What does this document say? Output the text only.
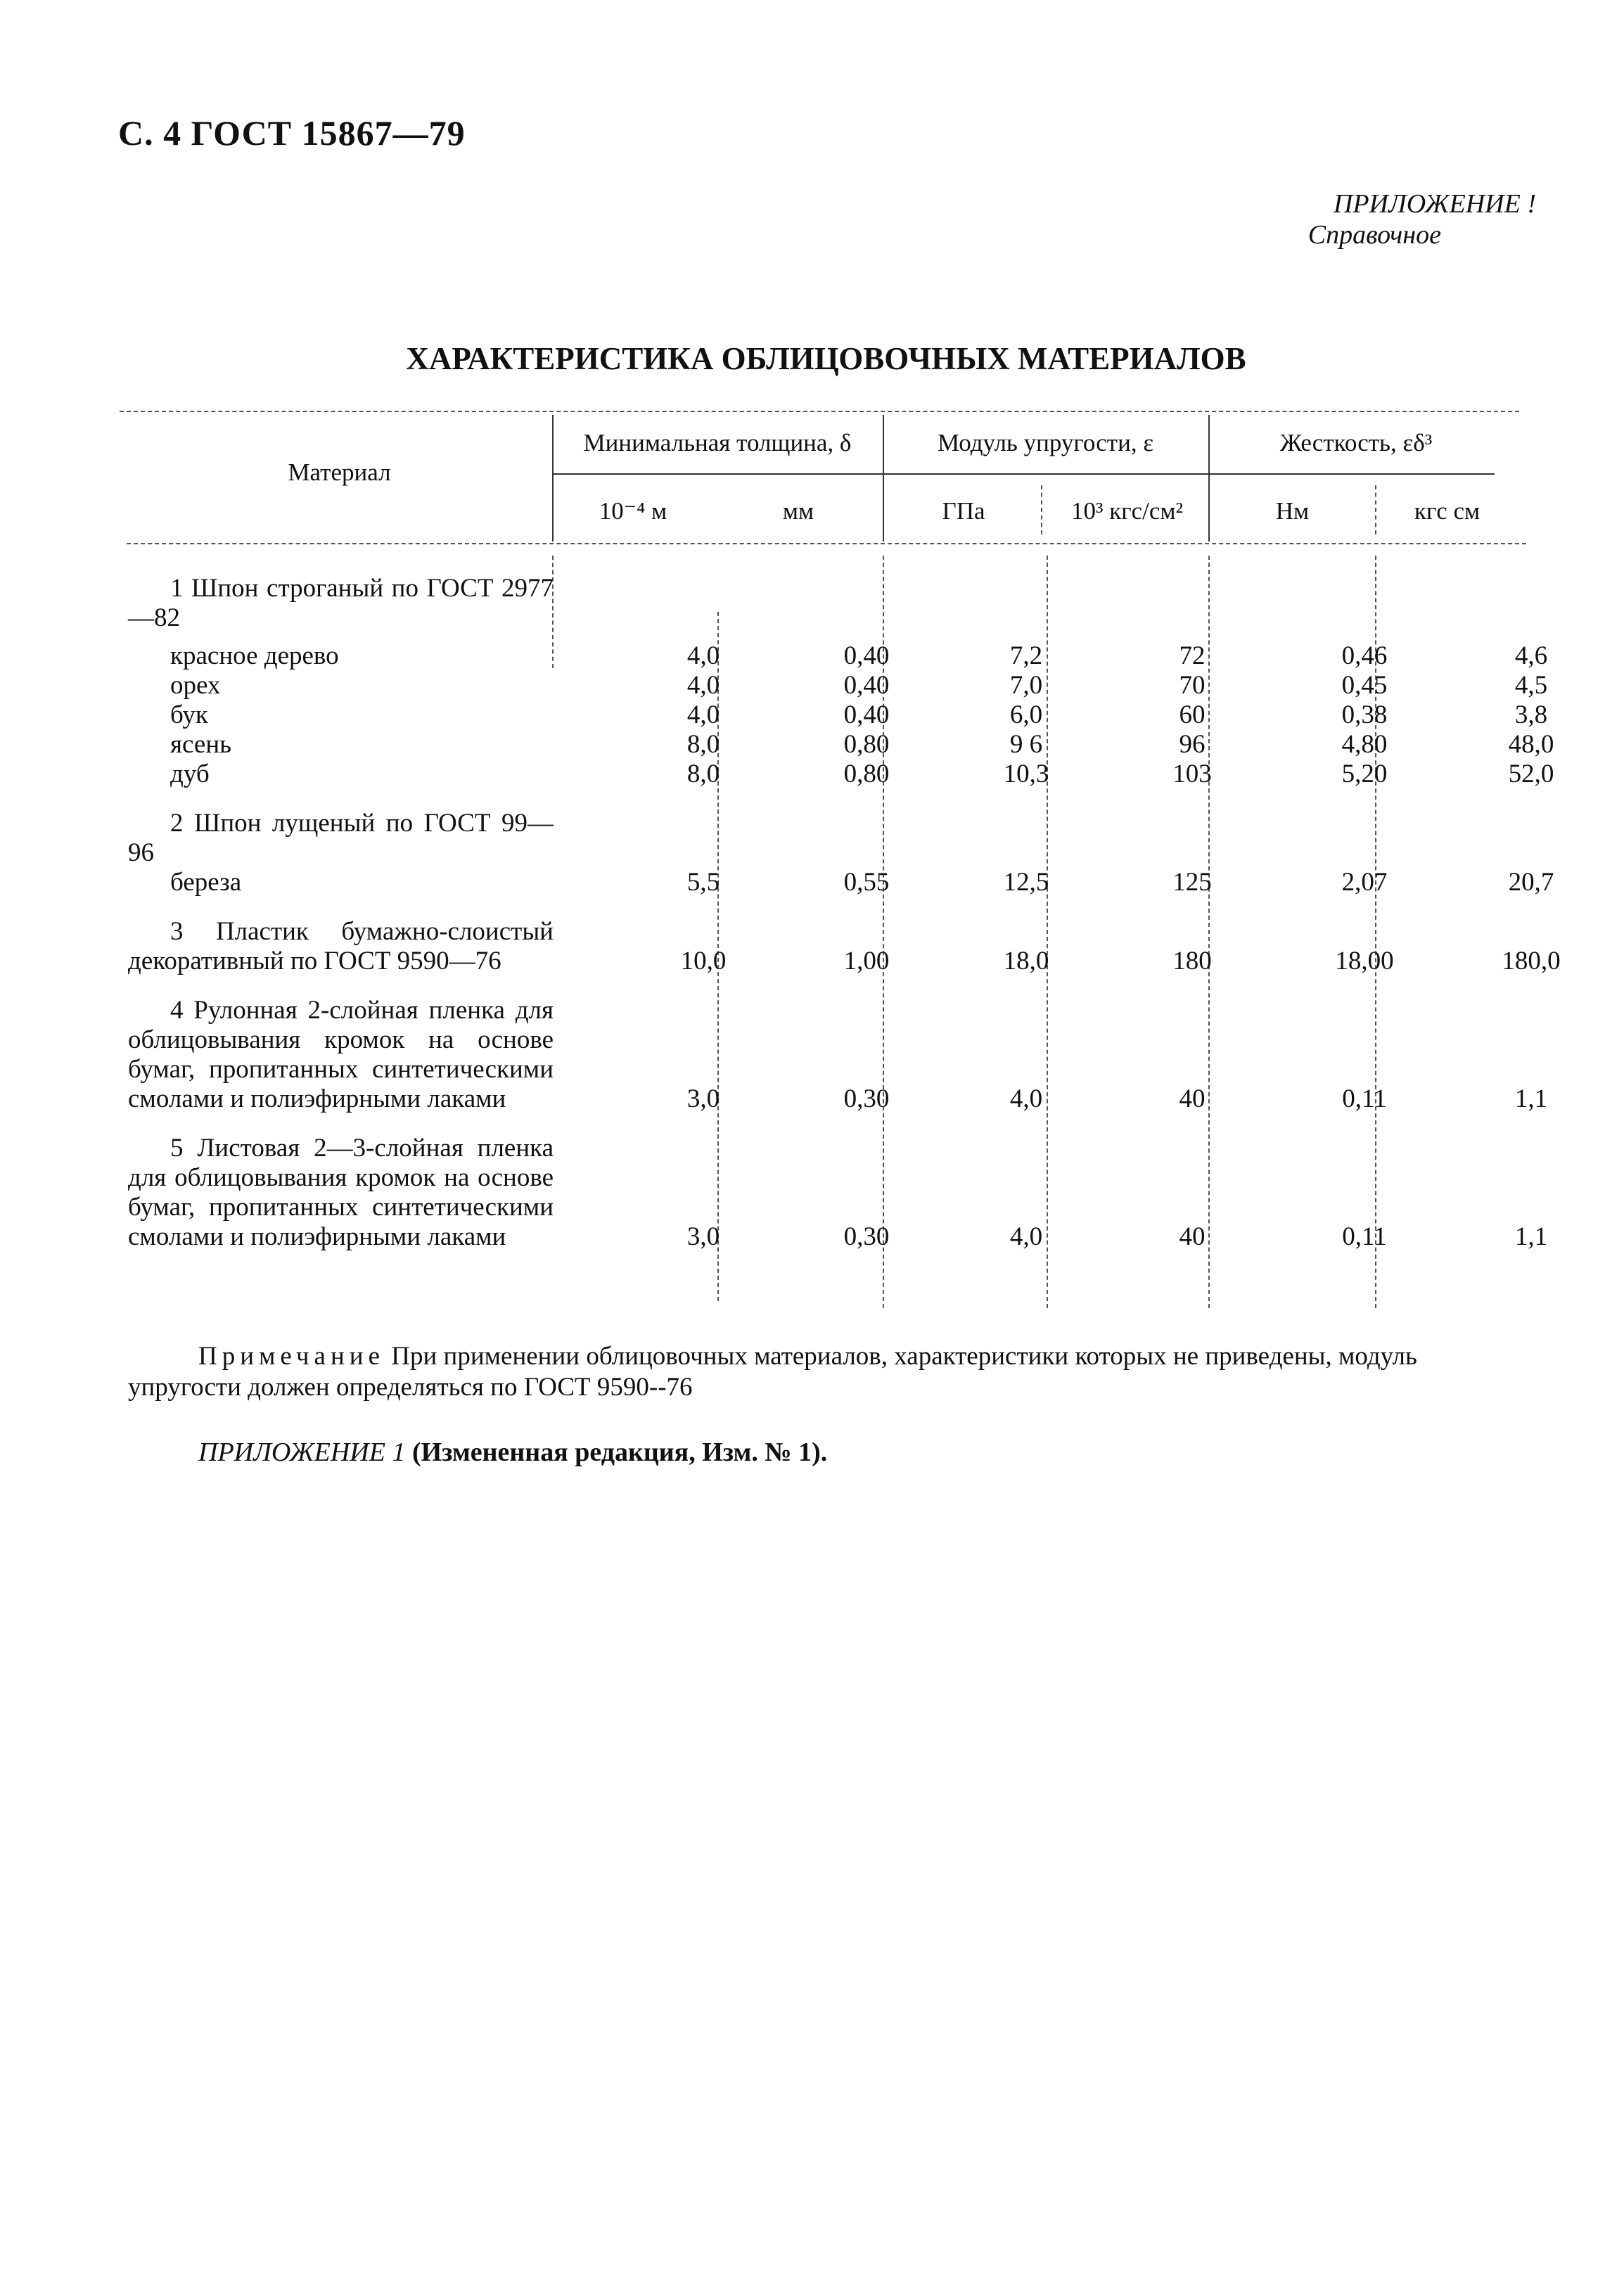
С. 4 ГОСТ 15867—79
ПРИЛОЖЕНИЕ !

Справочное
ХАРАКТЕРИСТИКА ОБЛИЦОВОЧНЫХ МАТЕРИАЛОВ
Материал
Минимальная толщина, δ	Модуль упругости, ε	Жесткость, εδ³
10⁻⁴ м	мм	ГПа	10³ кгс/см²	Нм	кгс см
1 Шпон строганый по ГОСТ 2977—82
красное дерево	4,0	0,40	7,2	72	0,46	4,6
орех	4,0	0,40	7,0	70	0,45	4,5
бук	4,0	0,40	6,0	60	0,38	3,8
ясень	8,0	0,80	9 6	96	4,80	48,0
дуб	8,0	0,80	10,3	103	5,20	52,0
2 Шпон лущеный по ГОСТ 99—96
береза	5,5	0,55	12,5	125	2,07	20,7
3 Пластик бумажно-слоистый декоративный по ГОСТ 9590—76	10,0	1,00	18,0	180	18,00	180,0
4 Рулонная 2-слойная пленка для облицовывания кромок на основе бумаг, пропитанных синтетическими смолами и полиэфирными лаками	3,0	0,30	4,0	40	0,11	1,1
5 Листовая 2—3-слойная пленка для облицовывания кромок на основе бумаг, пропитанных синтетическими смолами и полиэфирными лаками	3,0	0,30	4,0	40	0,11	1,1
Примечание При применении облицовочных материалов, характеристики которых не приведены, модуль упругости должен определяться по ГОСТ 9590--76
ПРИЛОЖЕНИЕ 1 (Измененная редакция, Изм. № 1).
